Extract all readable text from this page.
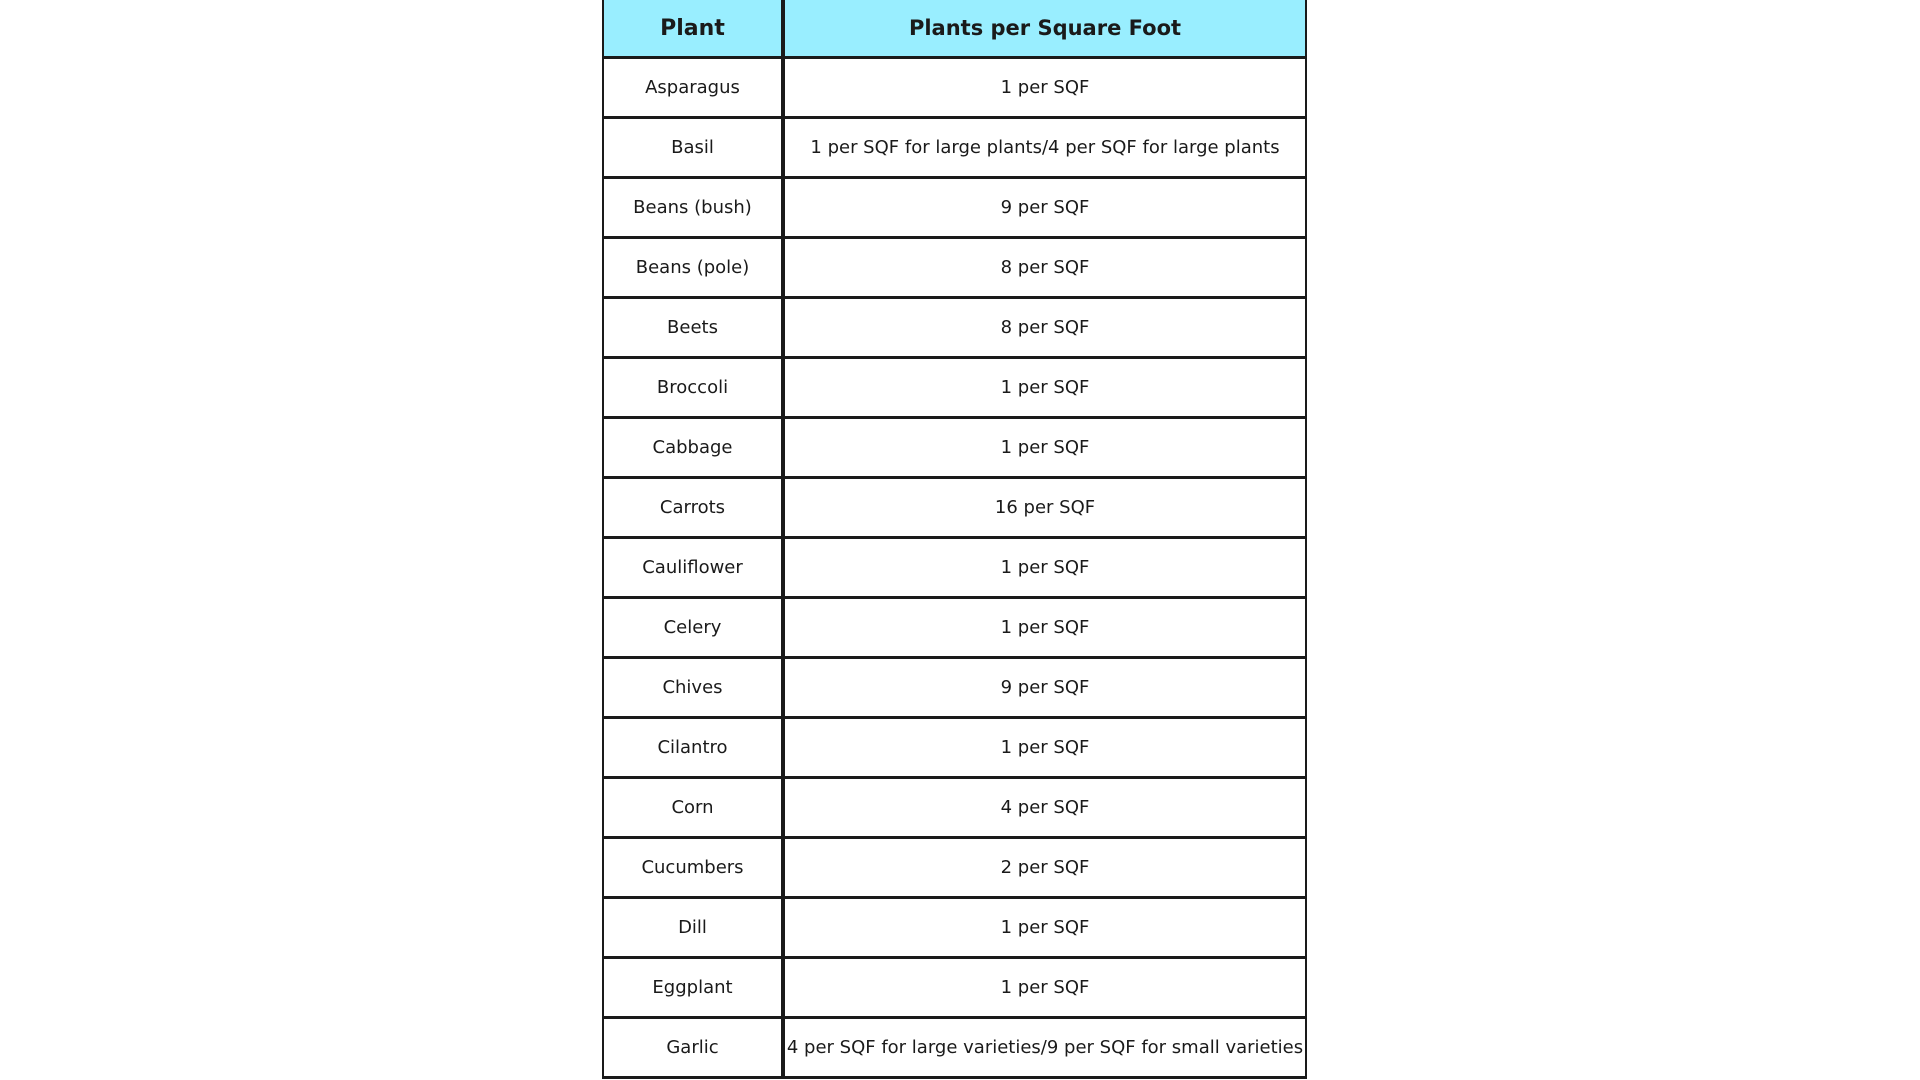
Plant	Plants per Square Foot
Asparagus	1 per SQF
Basil	1 per SQF for large plants/4 per SQF for large plants
Beans (bush)	9 per SQF
Beans (pole)	8 per SQF
Beets	8 per SQF
Broccoli	1 per SQF
Cabbage	1 per SQF
Carrots	16 per SQF
Cauliflower	1 per SQF
Celery	1 per SQF
Chives	9 per SQF
Cilantro	1 per SQF
Corn	4 per SQF
Cucumbers	2 per SQF
Dill	1 per SQF
Eggplant	1 per SQF
Garlic	4 per SQF for large varieties/9 per SQF for small varieties
